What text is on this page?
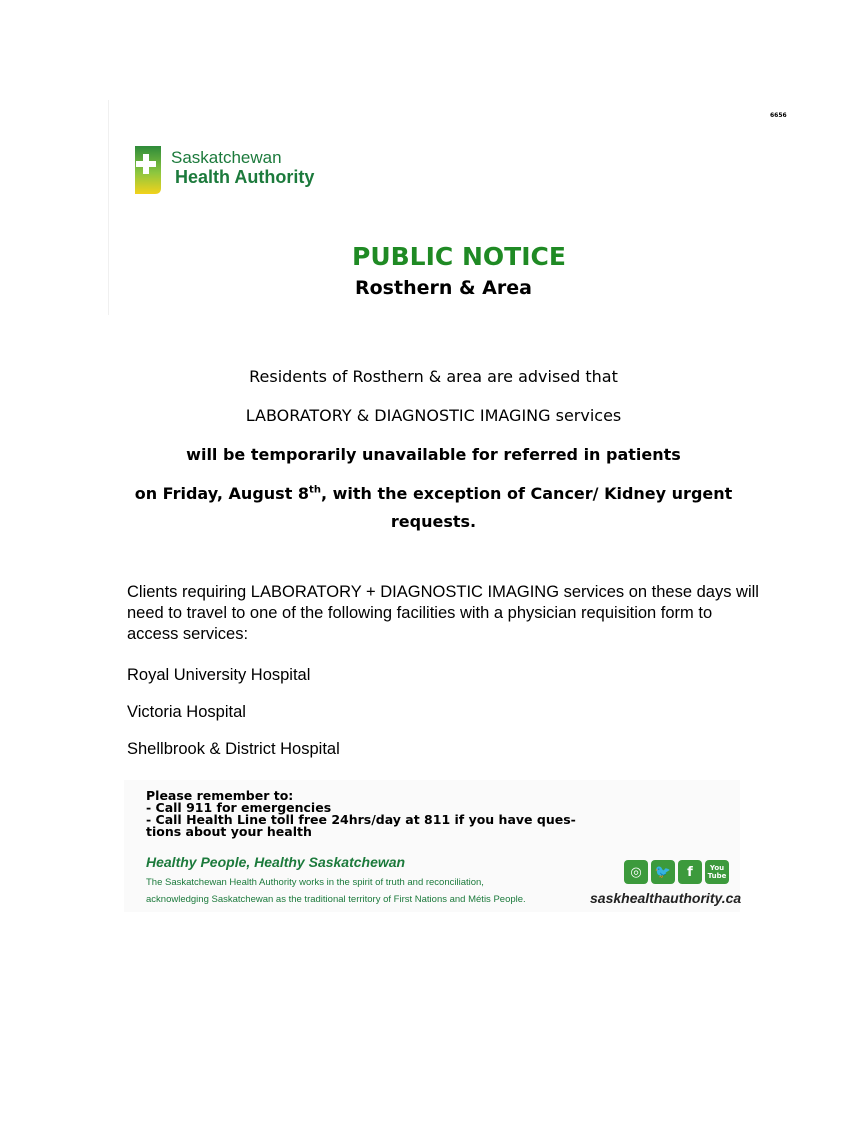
6656
Saskatchewan
Health Authority
PUBLIC NOTICE
Rosthern & Area
Residents of Rosthern & area are advised that
LABORATORY & DIAGNOSTIC IMAGING services
will be temporarily unavailable for referred in patients
on Friday, August 8th, with the exception of Cancer/ Kidney urgent
requests.
Clients requiring LABORATORY + DIAGNOSTIC IMAGING services on these days will need to travel to one of the following facilities with a physician requisition form to access services:
Royal University Hospital
Victoria Hospital
Shellbrook & District Hospital
Please remember to:
- Call 911 for emergencies
- Call Health Line toll free 24hrs/day at 811 if you have ques-
tions about your health
Healthy People, Healthy Saskatchewan
The Saskatchewan Health Authority works in the spirit of truth and reconciliation,
acknowledging Saskatchewan as the traditional territory of First Nations and Métis People.
◎	🐦	f	You
Tube
saskhealthauthority.ca
